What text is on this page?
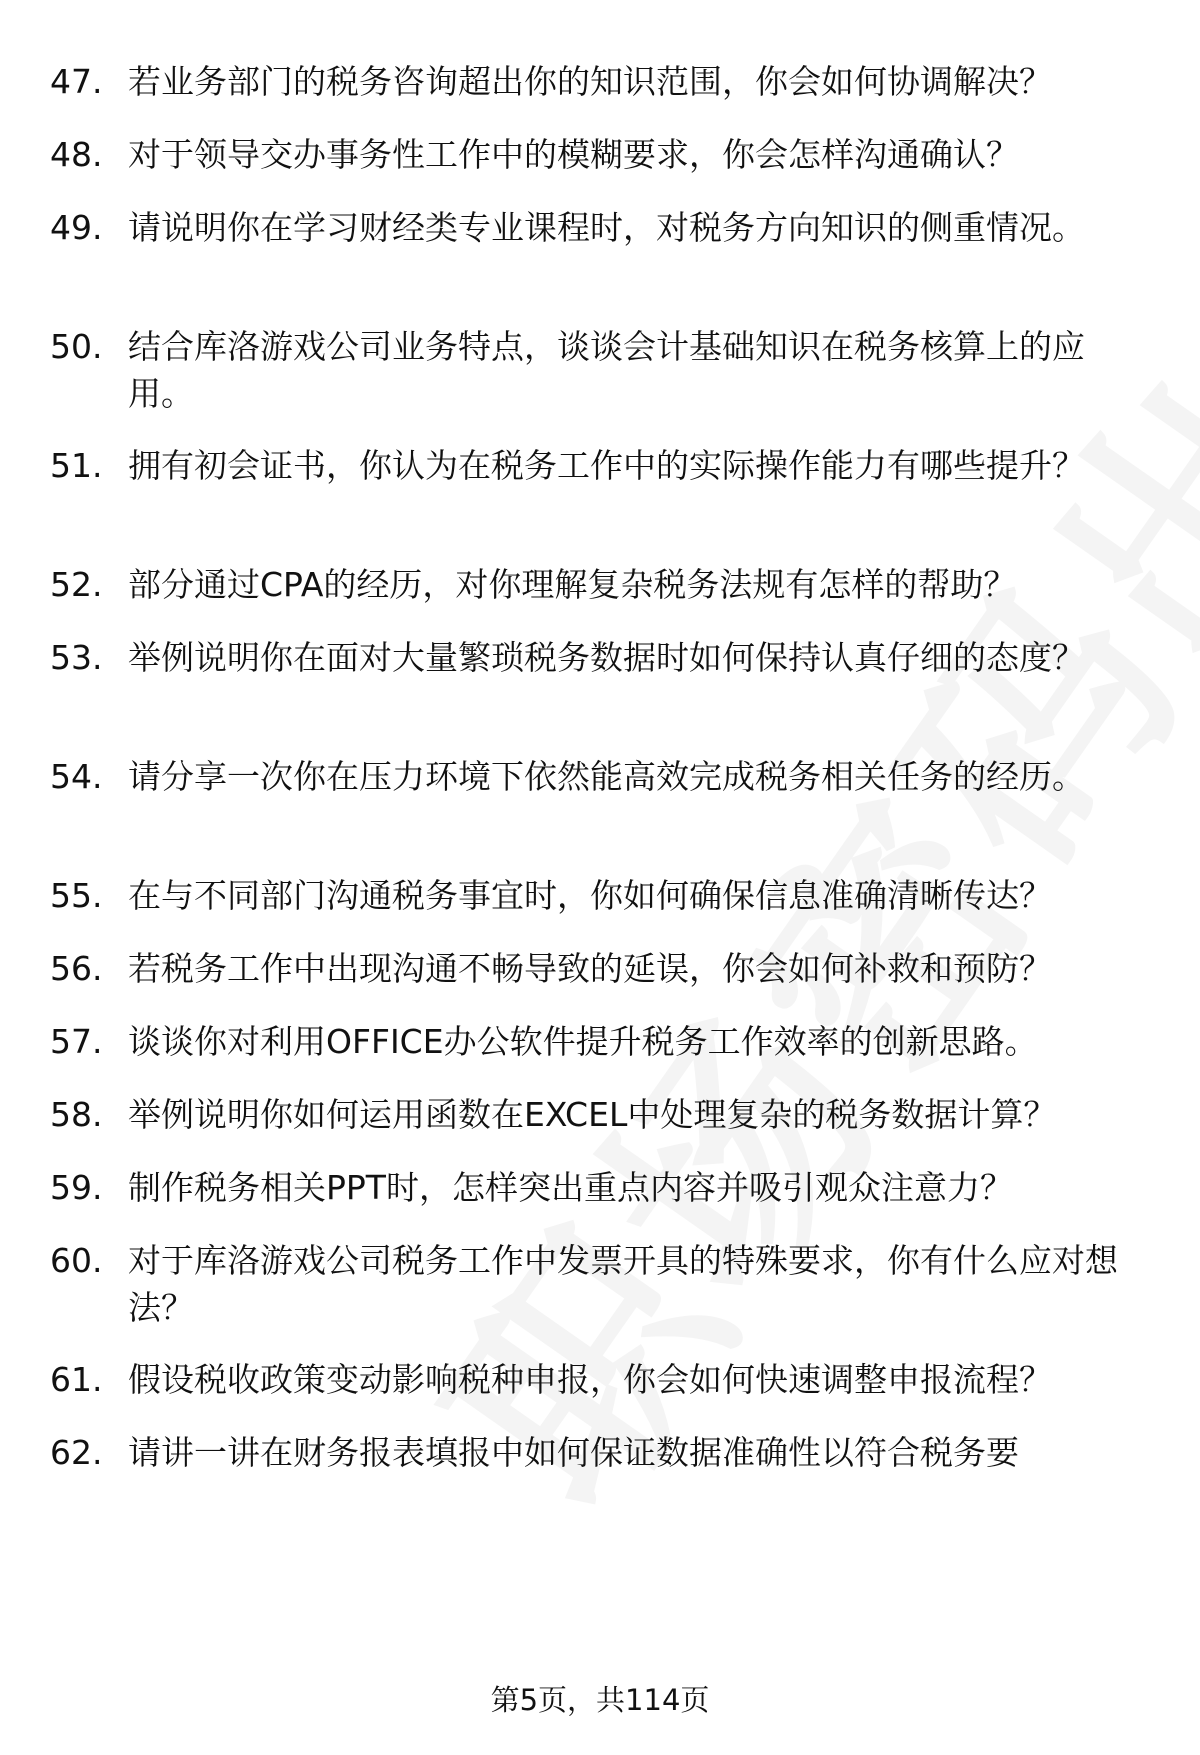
47. 若业务部门的税务咨询超出你的知识范围，你会如何协调解决？
48. 对于领导交办事务性工作中的模糊要求，你会怎样沟通确认？
49. 请说明你在学习财经类专业课程时，对税务方向知识的侧重情况。
50. 结合库洛游戏公司业务特点，谈谈会计基础知识在税务核算上的应用。
51. 拥有初会证书，你认为在税务工作中的实际操作能力有哪些提升？
52. 部分通过CPA的经历，对你理解复杂税务法规有怎样的帮助？
53. 举例说明你在面对大量繁琐税务数据时如何保持认真仔细的态度？
54. 请分享一次你在压力环境下依然能高效完成税务相关任务的经历。
55. 在与不同部门沟通税务事宜时，你如何确保信息准确清晰传达？
56. 若税务工作中出现沟通不畅导致的延误，你会如何补救和预防？
57. 谈谈你对利用OFFICE办公软件提升税务工作效率的创新思路。
58. 举例说明你如何运用函数在EXCEL中处理复杂的税务数据计算？
59. 制作税务相关PPT时，怎样突出重点内容并吸引观众注意力？
60. 对于库洛游戏公司税务工作中发票开具的特殊要求，你有什么应对想法？
61. 假设税收政策变动影响税种申报，你会如何快速调整申报流程？
62. 请讲一讲在财务报表填报中如何保证数据准确性以符合税务要
第5页，共114页
